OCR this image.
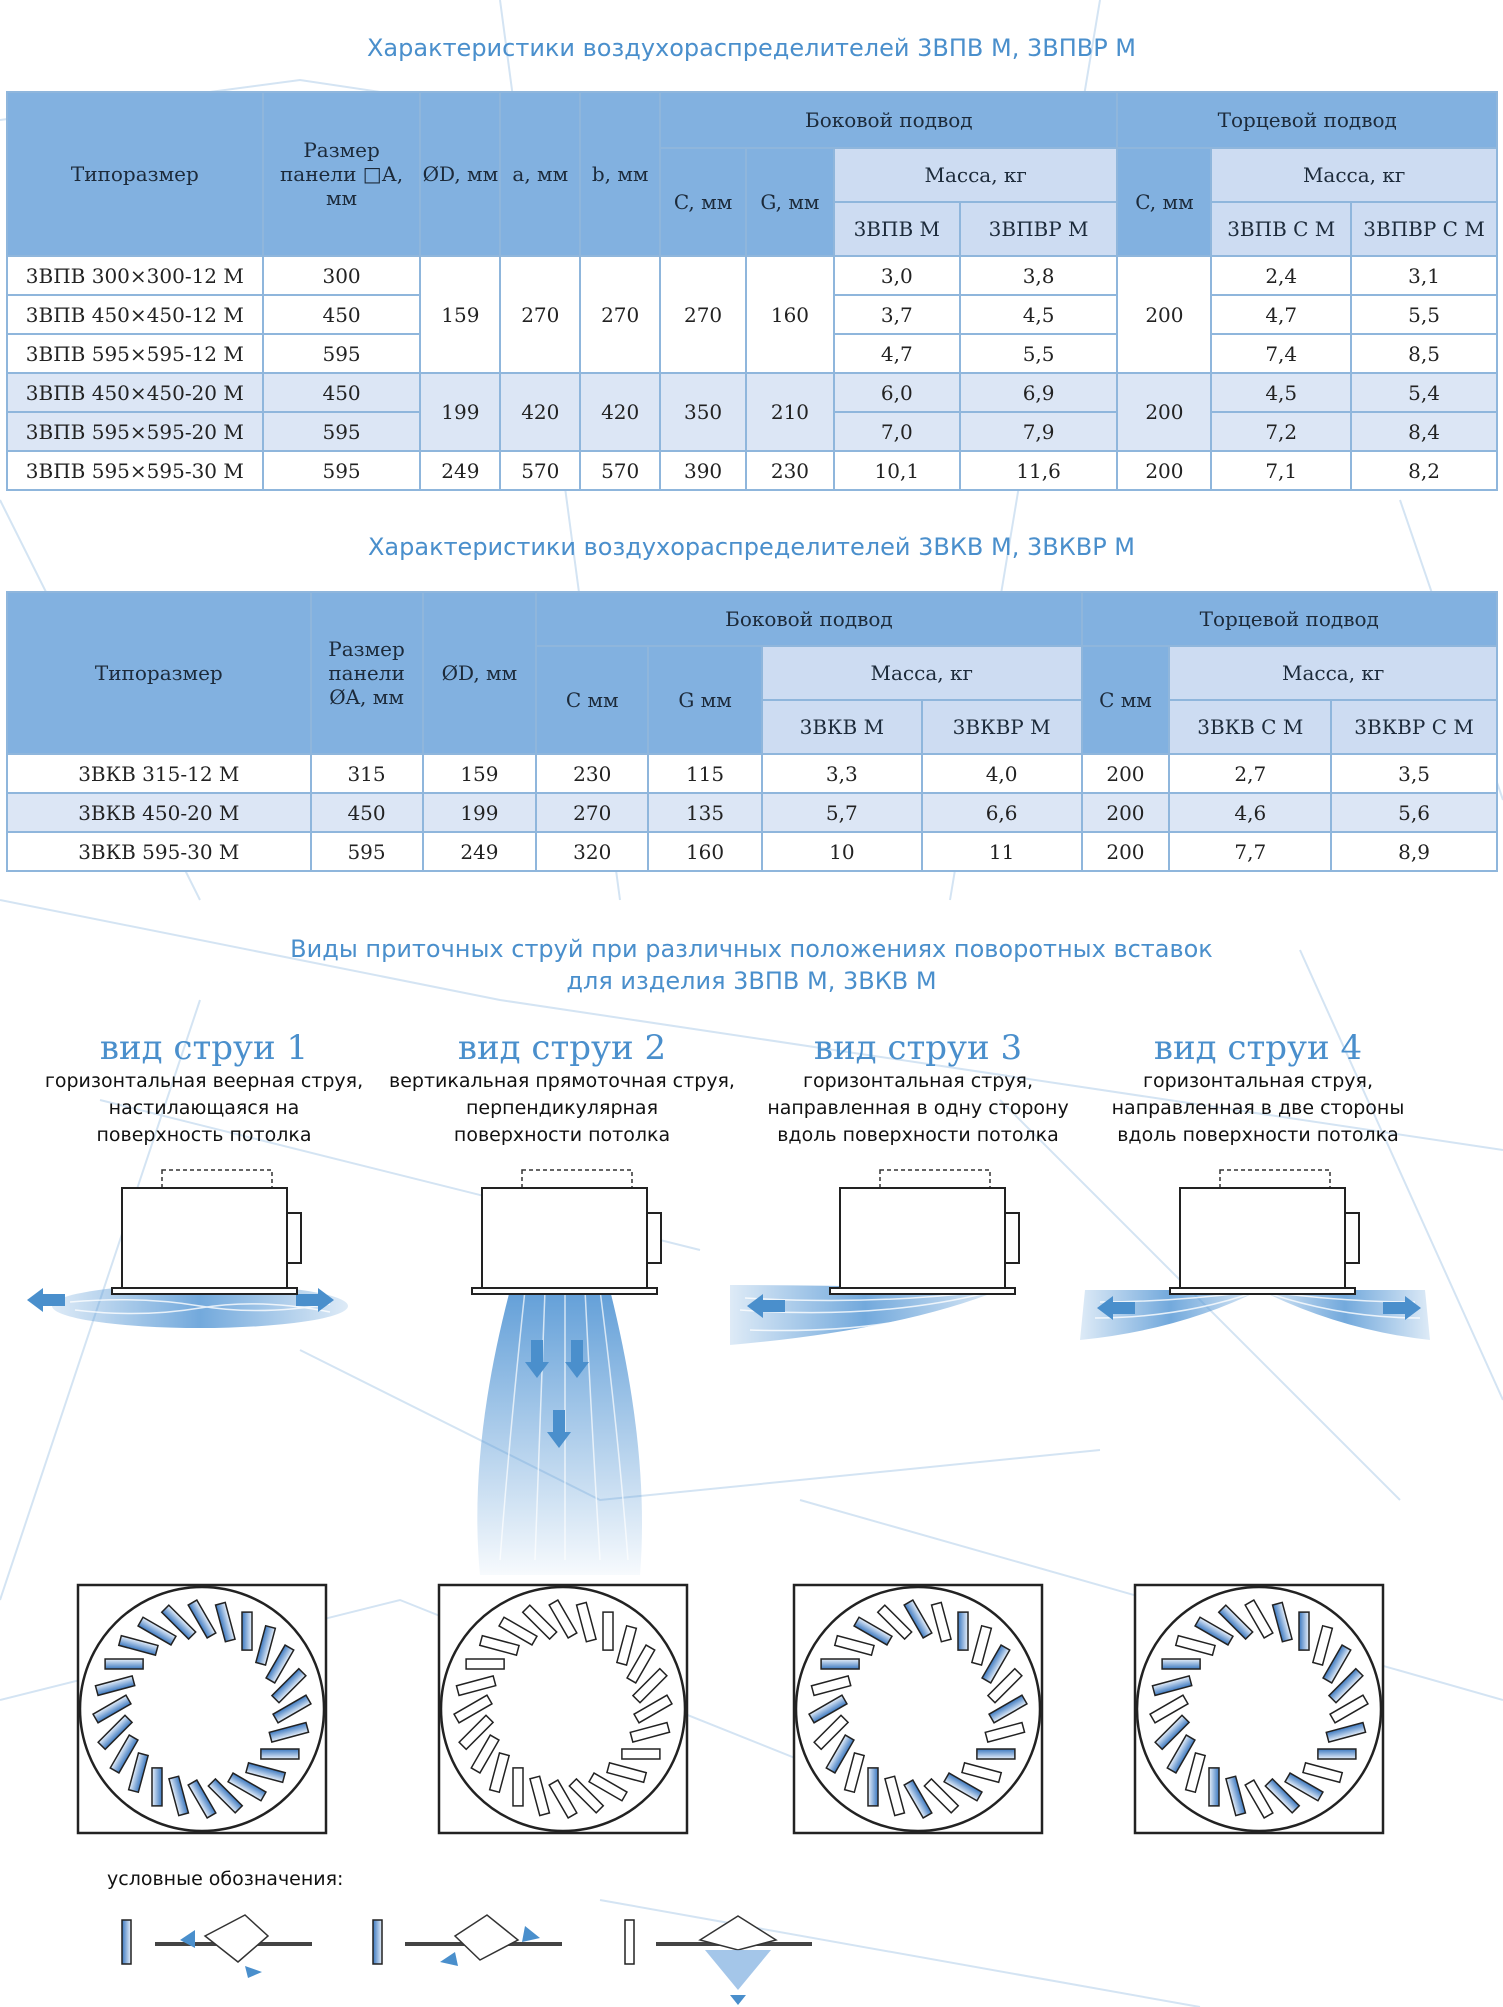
Характеристики воздухораспределителей 3ВПВ М, 3ВПВР М
Типоразмер	Размер панели □А, мм	ØD, мм	a, мм	b, мм	Боковой подвод				Торцевой подвод		
					C, мм	G, мм	Масса, кг		C, мм	Масса, кг	
							3ВПВ М	3ВПВР М		3ВПВ С М	3ВПВР С М
3ВПВ 300×300-12 М	300	159	270	270	270	160	3,0	3,8	200	2,4	3,1
3ВПВ 450×450-12 М	450						3,7	4,5		4,7	5,5
3ВПВ 595×595-12 М	595						4,7	5,5		7,4	8,5
3ВПВ 450×450-20 М	450	199	420	420	350	210	6,0	6,9	200	4,5	5,4
3ВПВ 595×595-20 М	595						7,0	7,9		7,2	8,4
3ВПВ 595×595-30 М	595	249	570	570	390	230	10,1	11,6	200	7,1	8,2
Характеристики воздухораспределителей 3ВКВ М, 3ВКВР М
Типоразмер	Размер панели ØA, мм	ØD, мм	Боковой подвод				Торцевой подвод		
			C мм	G мм	Масса, кг		C мм	Масса, кг	
					3ВКВ М	3ВКВР М		3ВКВ С М	3ВКВР С М
3ВКВ 315-12 М	315	159	230	115	3,3	4,0	200	2,7	3,5
3ВКВ 450-20 М	450	199	270	135	5,7	6,6	200	4,6	5,6
3ВКВ 595-30 М	595	249	320	160	10	11	200	7,7	8,9
Виды приточных струй при различных положениях поворотных вставок
для изделия 3ВПВ М, 3ВКВ М
вид струи 1
горизонтальная веерная струя,
настилающаяся на
поверхность потолка
вид струи 2
вертикальная прямоточная струя,
перпендикулярная
поверхности потолка
вид струи 3
горизонтальная струя,
направленная в одну сторону
вдоль поверхности потолка
вид струи 4
горизонтальная струя,
направленная в две стороны
вдоль поверхности потолка
условные обозначения:
